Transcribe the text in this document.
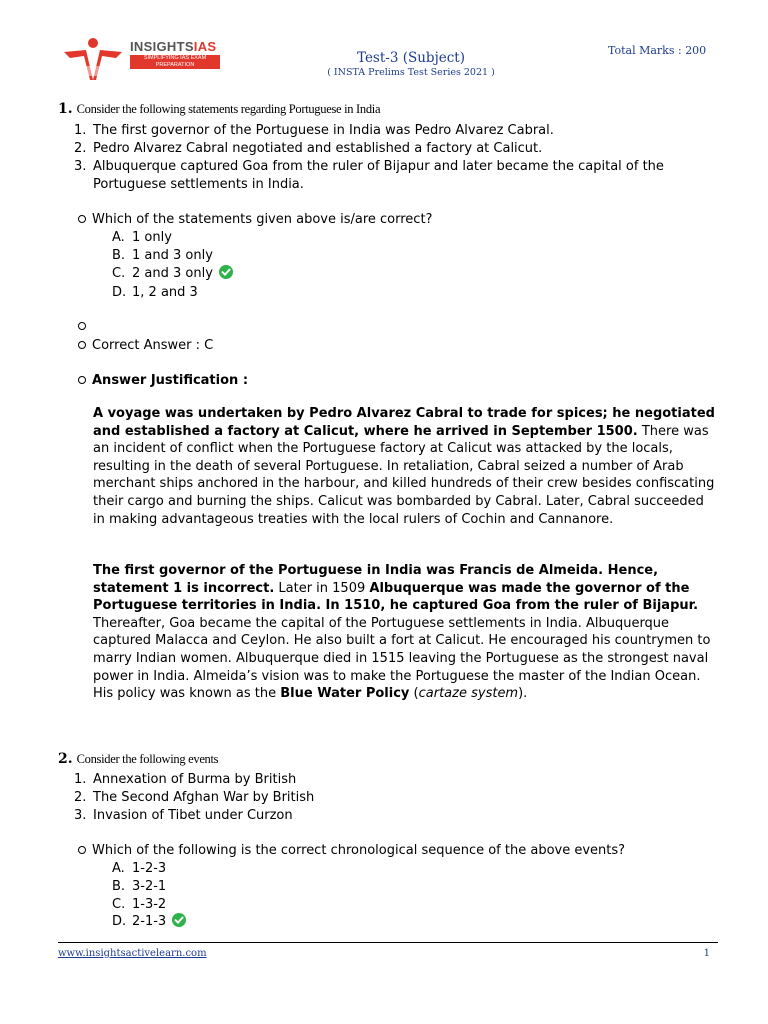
INSIGHTSIAS
SIMPLIFYING IAS EXAM
PREPARATION	Test-3 (Subject)
( INSTA Prelims Test Series 2021 )
Total Marks : 200
1. Consider the following statements regarding Portuguese in India
1. The first governor of the Portuguese in India was Pedro Alvarez Cabral.
2. Pedro Alvarez Cabral negotiated and established a factory at Calicut.
3. Albuquerque captured Goa from the ruler of Bijapur and later became the capital of the Portuguese settlements in India.
Which of the statements given above is/are correct?
A. 1 only
B. 1 and 3 only
C. 2 and 3 only
D. 1, 2 and 3
Correct Answer : C
Answer Justification :
A voyage was undertaken by Pedro Alvarez Cabral to trade for spices; he negotiated and established a factory at Calicut, where he arrived in September 1500. There was an incident of conflict when the Portuguese factory at Calicut was attacked by the locals, resulting in the death of several Portuguese. In retaliation, Cabral seized a number of Arab merchant ships anchored in the harbour, and killed hundreds of their crew besides confiscating their cargo and burning the ships. Calicut was bombarded by Cabral. Later, Cabral succeeded in making advantageous treaties with the local rulers of Cochin and Cannanore.
The first governor of the Portuguese in India was Francis de Almeida. Hence, statement 1 is incorrect. Later in 1509 Albuquerque was made the governor of the Portuguese territories in India. In 1510, he captured Goa from the ruler of Bijapur. Thereafter, Goa became the capital of the Portuguese settlements in India. Albuquerque captured Malacca and Ceylon. He also built a fort at Calicut. He encouraged his countrymen to marry Indian women. Albuquerque died in 1515 leaving the Portuguese as the strongest naval power in India. Almeida’s vision was to make the Portuguese the master of the Indian Ocean. His policy was known as the Blue Water Policy (cartaze system).
2. Consider the following events
1. Annexation of Burma by British
2. The Second Afghan War by British
3. Invasion of Tibet under Curzon
Which of the following is the correct chronological sequence of the above events?
A. 1-2-3
B. 3-2-1
C. 1-3-2
D. 2-1-3
www.insightsactivelearn.com	1
